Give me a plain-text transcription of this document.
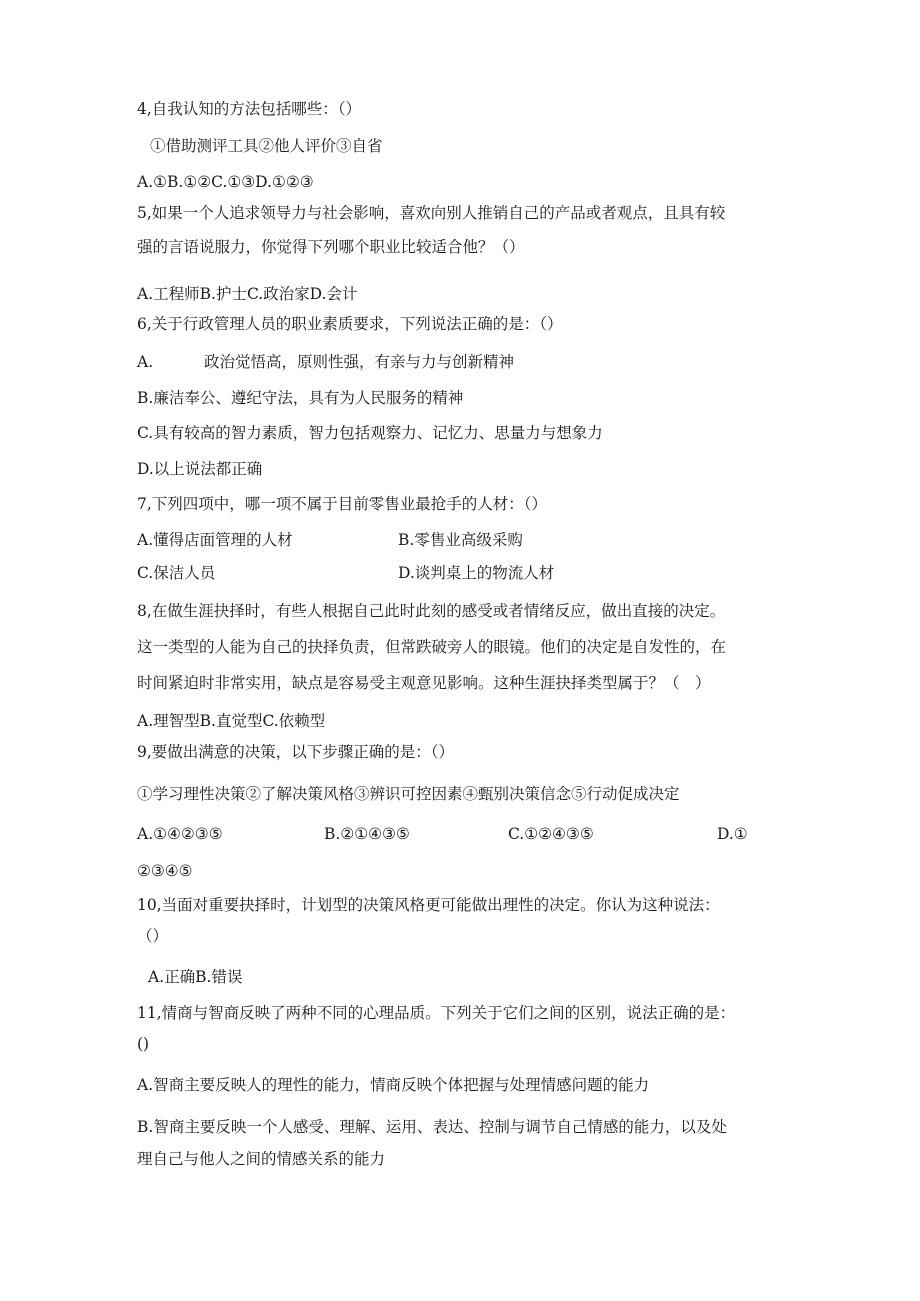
4,自我认知的方法包括哪些：（）
①借助测评工具②他人评价③自省
A.①B.①②C.①③D.①②③
5,如果一个人追求领导力与社会影响，喜欢向别人推销自己的产品或者观点，且具有较
强的言语说服力，你觉得下列哪个职业比较适合他？（）
A.工程师B.护士C.政治家D.会计
6,关于行政管理人员的职业素质要求，下列说法正确的是：（）
A.	政治觉悟高，原则性强，有亲与力与创新精神
B.廉洁奉公、遵纪守法，具有为人民服务的精神
C.具有较高的智力素质，智力包括观察力、记忆力、思量力与想象力
D.以上说法都正确
7,下列四项中，哪一项不属于目前零售业最抢手的人材：（）
A.懂得店面管理的人材	B.零售业高级采购
C.保洁人员	D.谈判桌上的物流人材
8,在做生涯抉择时，有些人根据自己此时此刻的感受或者情绪反应，做出直接的决定。
这一类型的人能为自己的抉择负责，但常跌破旁人的眼镜。他们的决定是自发性的，在
时间紧迫时非常实用，缺点是容易受主观意见影响。这种生涯抉择类型属于？（　）
A.理智型B.直觉型C.依赖型
9,要做出满意的决策，以下步骤正确的是：（）
①学习理性决策②了解决策风格③辨识可控因素④甄别决策信念⑤行动促成决定
A.①④②③⑤	B.②①④③⑤	C.①②④③⑤	D.①
②③④⑤
10,当面对重要抉择时，计划型的决策风格更可能做出理性的决定。你认为这种说法：
（）
A.正确B.错误
11,情商与智商反映了两种不同的心理品质。下列关于它们之间的区别，说法正确的是：
()
A.智商主要反映人的理性的能力，情商反映个体把握与处理情感问题的能力
B.智商主要反映一个人感受、理解、运用、表达、控制与调节自己情感的能力，以及处
理自己与他人之间的情感关系的能力
